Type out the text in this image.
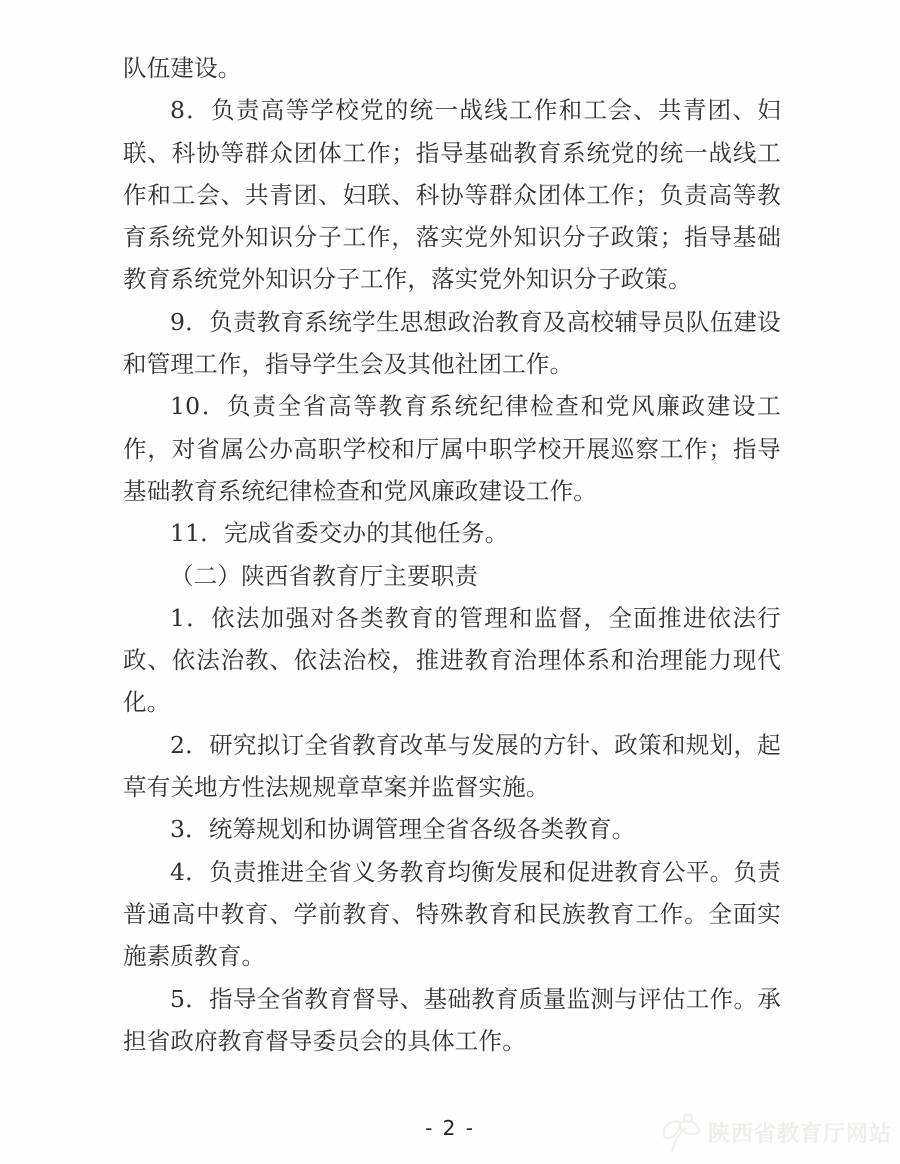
队伍建设。

8．负责高等学校党的统一战线工作和工会、共青团、妇联、科协等群众团体工作；指导基础教育系统党的统一战线工作和工会、共青团、妇联、科协等群众团体工作；负责高等教育系统党外知识分子工作，落实党外知识分子政策；指导基础教育系统党外知识分子工作，落实党外知识分子政策。

9．负责教育系统学生思想政治教育及高校辅导员队伍建设和管理工作，指导学生会及其他社团工作。

10．负责全省高等教育系统纪律检查和党风廉政建设工作，对省属公办高职学校和厅属中职学校开展巡察工作；指导基础教育系统纪律检查和党风廉政建设工作。

11．完成省委交办的其他任务。

（二）陕西省教育厅主要职责

1．依法加强对各类教育的管理和监督，全面推进依法行政、依法治教、依法治校，推进教育治理体系和治理能力现代化。

2．研究拟订全省教育改革与发展的方针、政策和规划，起草有关地方性法规规章草案并监督实施。

3．统筹规划和协调管理全省各级各类教育。

4．负责推进全省义务教育均衡发展和促进教育公平。负责普通高中教育、学前教育、特殊教育和民族教育工作。全面实施素质教育。

5．指导全省教育督导、基础教育质量监测与评估工作。承担省政府教育督导委员会的具体工作。

- 2 -	陕西省教育厅网站
